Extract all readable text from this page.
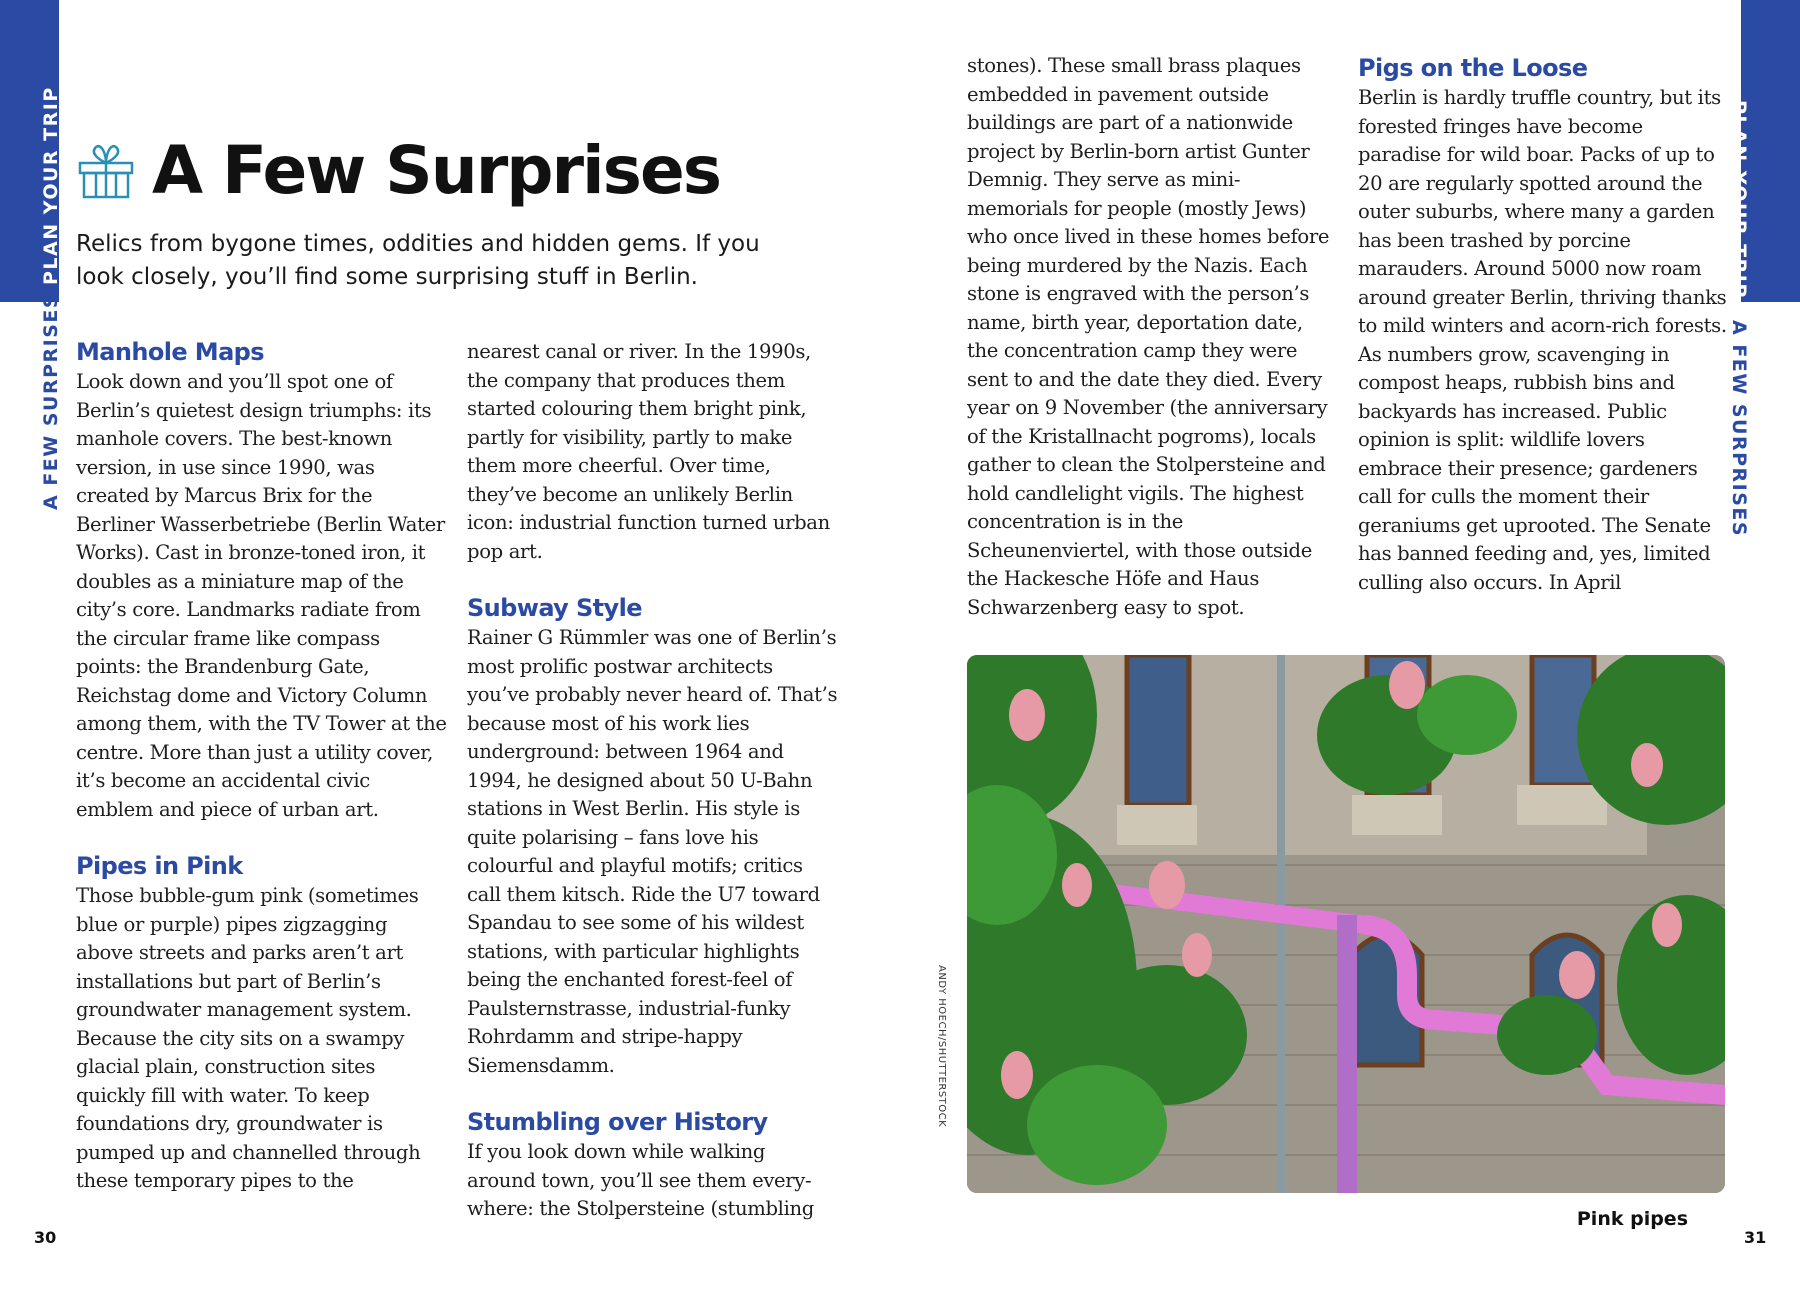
PLAN YOUR TRIP
A FEW SURPRISES
PLAN YOUR TRIP
A FEW SURPRISES
A Few Surprises
Relics from bygone times, oddities and hidden gems. If you look closely, you’ll find some surprising stuff in Berlin.
Manhole Maps
Look down and you’ll spot one of Berlin’s quietest design triumphs: its manhole covers. The best-known version, in use since 1990, was created by Marcus Brix for the Berliner Wasserbetriebe (Berlin Water Works). Cast in bronze-toned iron, it doubles as a miniature map of the city’s core. Landmarks radiate from the circular frame like compass points: the Brandenburg Gate, Reichstag dome and Victory Column among them, with the TV Tower at the centre. More than just a utility cover, it’s become an accidental civic emblem and piece of urban art.
Pipes in Pink
Those bubble-gum pink (sometimes blue or purple) pipes zigzagging above streets and parks aren’t art installations but part of Berlin’s groundwater management system. Because the city sits on a swampy glacial plain, construction sites quickly fill with water. To keep foundations dry, groundwater is pumped up and channelled through these temporary pipes to the
nearest canal or river. In the 1990s, the company that produces them started colouring them bright pink, partly for visibility, partly to make them more cheerful. Over time, they’ve become an unlikely Berlin icon: industrial function turned urban pop art.
Subway Style
Rainer G Rümmler was one of Berlin’s most prolific postwar architects you’ve probably never heard of. That’s because most of his work lies underground: between 1964 and 1994, he designed about 50 U-Bahn stations in West Berlin. His style is quite polarising – fans love his colourful and playful motifs; critics call them kitsch. Ride the U7 toward Spandau to see some of his wildest stations, with particular highlights being the enchanted forest-feel of Paulsternstrasse, industrial-funky Rohrdamm and stripe-happy Siemensdamm.
Stumbling over History
If you look down while walking around town, you’ll see them everywhere: the Stolpersteine (stumbling
stones). These small brass plaques embedded in pavement outside buildings are part of a nationwide project by Berlin-born artist Gunter Demnig. They serve as mini-memorials for people (mostly Jews) who once lived in these homes before being murdered by the Nazis. Each stone is engraved with the person’s name, birth year, deportation date, the concentration camp they were sent to and the date they died. Every year on 9 November (the anniversary of the Kristallnacht pogroms), locals gather to clean the Stolpersteine and hold candlelight vigils. The highest concentration is in the Scheunenviertel, with those outside the Hackesche Höfe and Haus Schwarzenberg easy to spot.
Pigs on the Loose
Berlin is hardly truffle country, but its forested fringes have become paradise for wild boar. Packs of up to 20 are regularly spotted around the outer suburbs, where many a garden has been trashed by porcine marauders. Around 5000 now roam around greater Berlin, thriving thanks to mild winters and acorn-rich forests. As numbers grow, scavenging in compost heaps, rubbish bins and backyards has increased. Public opinion is split: wildlife lovers embrace their presence; gardeners call for culls the moment their geraniums get uprooted. The Senate has banned feeding and, yes, limited culling also occurs. In April
ANDY HOECH/SHUTTERSTOCK
Pink pipes
30	31
